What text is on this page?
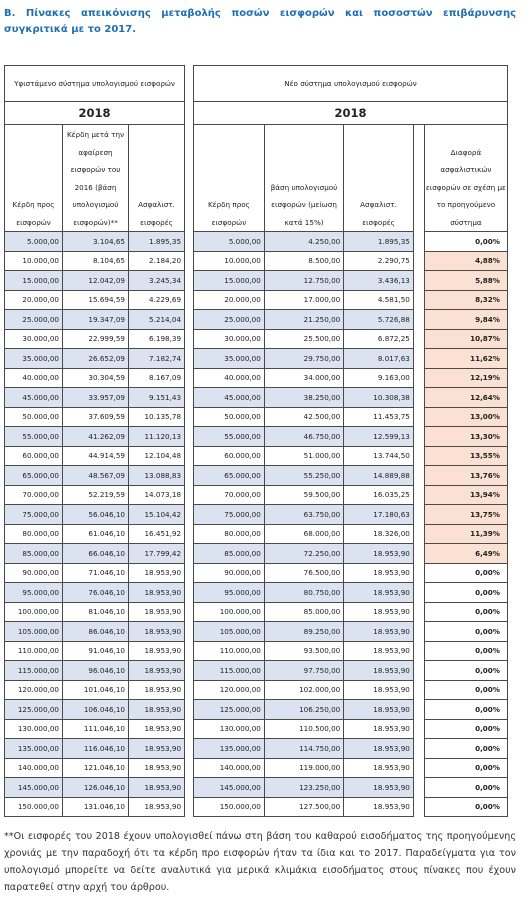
Β. Πίνακες απεικόνισης μεταβολής ποσών εισφορών και ποσοστών επιβάρυνσης συγκριτικά με το 2017.
Υφιστάμενο σύστημα υπολογισμού εισφορών		
2018		
Κέρδη προς εισφορών	Κέρδη μετά την αφαίρεση εισφορών του 2016 (βάση υπολογισμού εισφορών)**	Ασφαλιστ. εισφορές
5.000,00	3.104,65	1.895,35
10.000,00	8.104,65	2.184,20
15.000,00	12.042,09	3.245,34
20.000,00	15.694,59	4.229,69
25.000,00	19.347,09	5.214,04
30.000,00	22.999,59	6.198,39
35.000,00	26.652,09	7.182,74
40.000,00	30.304,59	8.167,09
45.000,00	33.957,09	9.151,43
50.000,00	37.609,59	10.135,78
55.000,00	41.262,09	11.120,13
60.000,00	44.914,59	12.104,48
65.000,00	48.567,09	13.088,83
70.000,00	52.219,59	14.073,18
75.000,00	56.046,10	15.104,42
80.000,00	61.046,10	16.451,92
85.000,00	66.046,10	17.799,42
90.000,00	71.046,10	18.953,90
95.000,00	76.046,10	18.953,90
100.000,00	81.046,10	18.953,90
105.000,00	86.046,10	18.953,90
110.000,00	91.046,10	18.953,90
115.000,00	96.046,10	18.953,90
120.000,00	101.046,10	18.953,90
125.000,00	106.046,10	18.953,90
130.000,00	111.046,10	18.953,90
135.000,00	116.046,10	18.953,90
140.000,00	121.046,10	18.953,90
145.000,00	126.046,10	18.953,90
150.000,00	131.046,10	18.953,90
Νέο σύστημα υπολογισμού εισφορών				
2018				
Κέρδη προς εισφορών	βάση υπολογισμού εισφορών (μείωση κατά 15%)	Ασφαλιστ. εισφορές		Διαφορά ασφαλιστικών εισφορών σε σχέση με το προηγούμενο σύστημα
5.000,00	4.250,00	1.895,35		0,00%
10.000,00	8.500,00	2.290,75		4,88%
15.000,00	12.750,00	3.436,13		5,88%
20.000,00	17.000,00	4.581,50		8,32%
25.000,00	21.250,00	5.726,88		9,84%
30.000,00	25.500,00	6.872,25		10,87%
35.000,00	29.750,00	8.017,63		11,62%
40.000,00	34.000,00	9.163,00		12,19%
45.000,00	38.250,00	10.308,38		12,64%
50.000,00	42.500,00	11.453,75		13,00%
55.000,00	46.750,00	12.599,13		13,30%
60.000,00	51.000,00	13.744,50		13,55%
65.000,00	55.250,00	14.889,88		13,76%
70.000,00	59.500,00	16.035,25		13,94%
75.000,00	63.750,00	17.180,63		13,75%
80.000,00	68.000,00	18.326,00		11,39%
85.000,00	72.250,00	18.953,90		6,49%
90.000,00	76.500,00	18.953,90		0,00%
95.000,00	80.750,00	18.953,90		0,00%
100.000,00	85.000,00	18.953,90		0,00%
105.000,00	89.250,00	18.953,90		0,00%
110.000,00	93.500,00	18.953,90		0,00%
115.000,00	97.750,00	18.953,90		0,00%
120.000,00	102.000,00	18.953,90		0,00%
125.000,00	106.250,00	18.953,90		0,00%
130.000,00	110.500,00	18.953,90		0,00%
135.000,00	114.750,00	18.953,90		0,00%
140.000,00	119.000,00	18.953,90		0,00%
145.000,00	123.250,00	18.953,90		0,00%
150.000,00	127.500,00	18.953,90		0,00%
**Οι εισφορές του 2018 έχουν υπολογισθεί πάνω στη βάση του καθαρού εισοδήματος της προηγούμενης χρονιάς με την παραδοχή ότι τα κέρδη προ εισφορών ήταν τα ίδια και το 2017. Παραδείγματα για τον υπολογισμό μπορείτε να δείτε αναλυτικά για μερικά κλιμάκια εισοδήματος στους πίνακες που έχουν παρατεθεί στην αρχή του άρθρου.
